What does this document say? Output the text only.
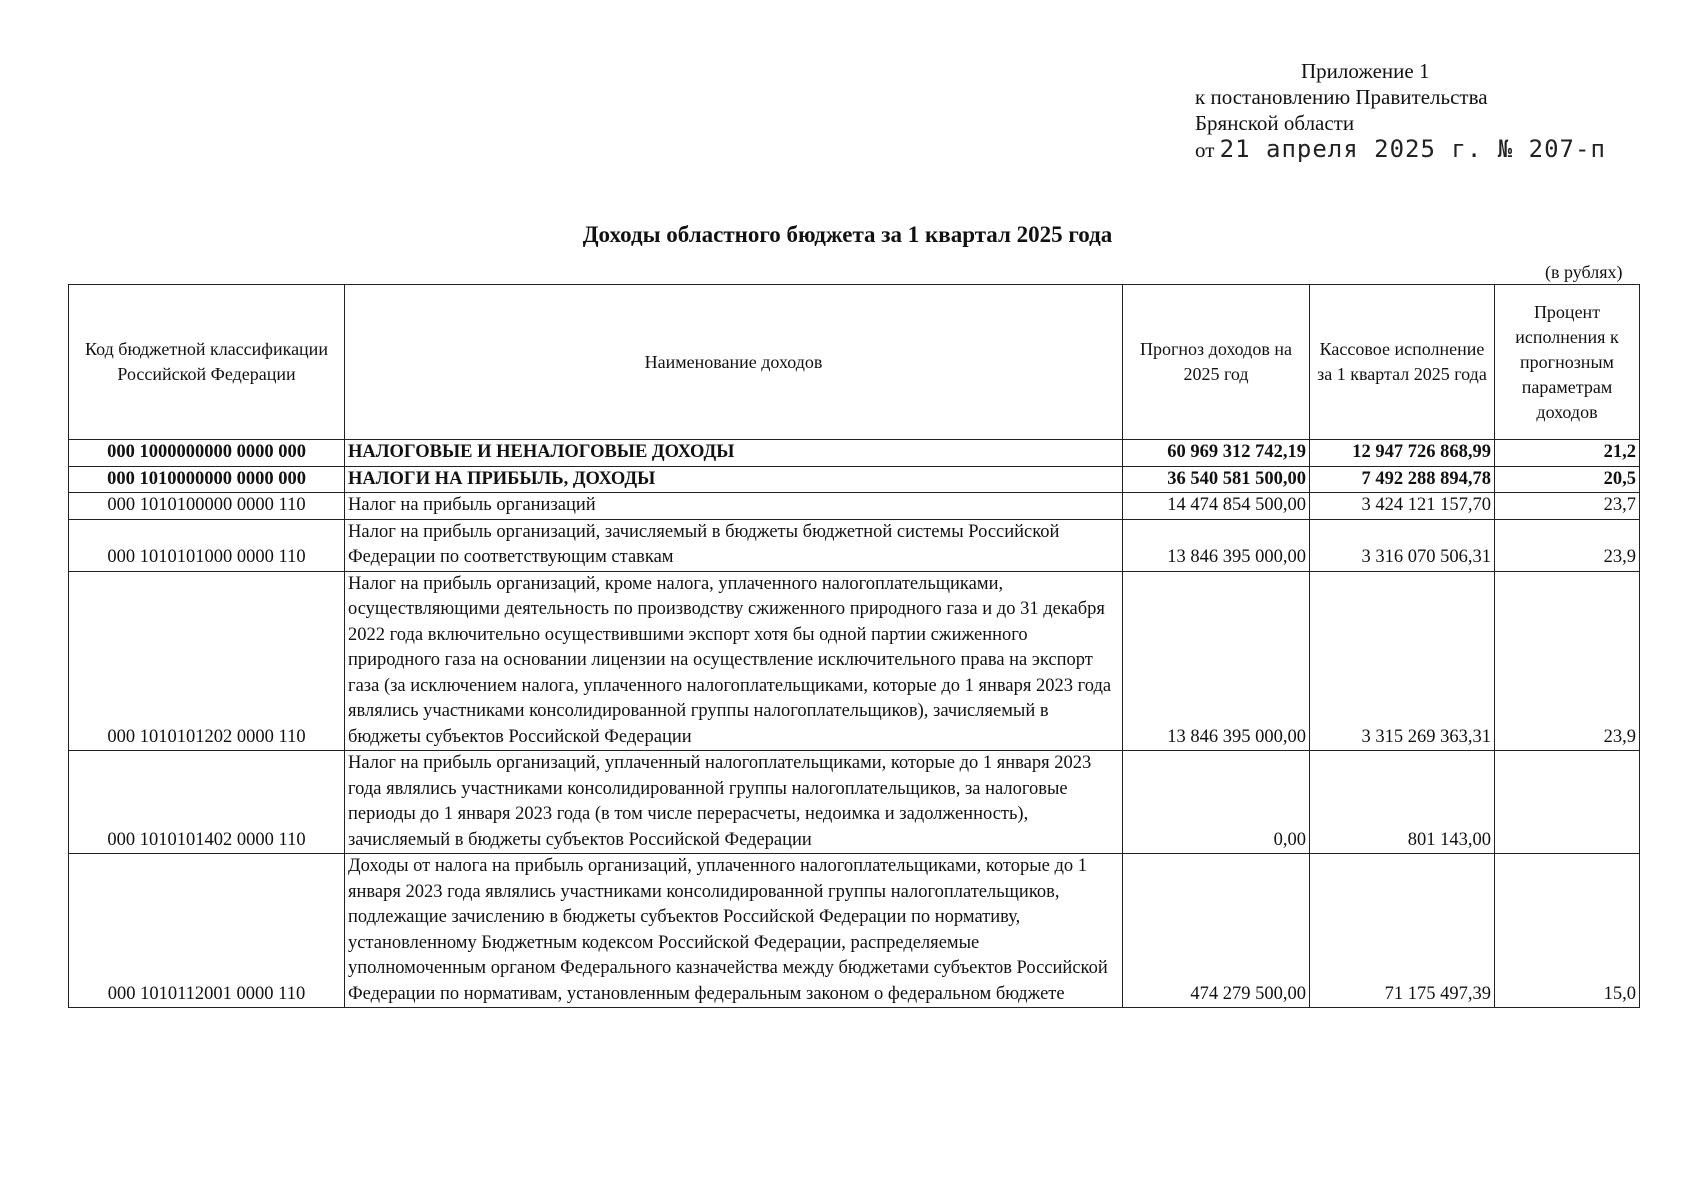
Приложение 1
к постановлению Правительства
Брянской области
от 21 апреля 2025 г. № 207-п
Доходы областного бюджета за 1 квартал 2025 года
(в рублях)
Код бюджетной классификации Российской Федерации	Наименование доходов	Прогноз доходов на 2025 год	Кассовое исполнение за 1 квартал 2025 года	Процент исполнения к прогнозным параметрам доходов
000 1000000000 0000 000	НАЛОГОВЫЕ И НЕНАЛОГОВЫЕ ДОХОДЫ	60 969 312 742,19	12 947 726 868,99	21,2
000 1010000000 0000 000	НАЛОГИ НА ПРИБЫЛЬ, ДОХОДЫ	36 540 581 500,00	7 492 288 894,78	20,5
000 1010100000 0000 110	Налог на прибыль организаций	14 474 854 500,00	3 424 121 157,70	23,7
000 1010101000 0000 110	Налог на прибыль организаций, зачисляемый в бюджеты бюджетной системы Российской Федерации по соответствующим ставкам	13 846 395 000,00	3 316 070 506,31	23,9
000 1010101202 0000 110	Налог на прибыль организаций, кроме налога, уплаченного налогоплательщиками, осуществляющими деятельность по производству сжиженного природного газа и до 31 декабря 2022 года включительно осуществившими экспорт хотя бы одной партии сжиженного природного газа на основании лицензии на осуществление исключительного права на экспорт газа (за исключением налога, уплаченного налогоплательщиками, которые до 1 января 2023 года являлись участниками консолидированной группы налогоплательщиков), зачисляемый в бюджеты субъектов Российской Федерации	13 846 395 000,00	3 315 269 363,31	23,9
000 1010101402 0000 110	Налог на прибыль организаций, уплаченный налогоплательщиками, которые до 1 января 2023 года являлись участниками консолидированной группы налогоплательщиков, за налоговые периоды до 1 января 2023 года (в том числе перерасчеты, недоимка и задолженность), зачисляемый в бюджеты субъектов Российской Федерации	0,00	801 143,00	
000 1010112001 0000 110	Доходы от налога на прибыль организаций, уплаченного налогоплательщиками, которые до 1 января 2023 года являлись участниками консолидированной группы налогоплательщиков, подлежащие зачислению в бюджеты субъектов Российской Федерации по нормативу, установленному Бюджетным кодексом Российской Федерации, распределяемые уполномоченным органом Федерального казначейства между бюджетами субъектов Российской Федерации по нормативам, установленным федеральным законом о федеральном бюджете	474 279 500,00	71 175 497,39	15,0
